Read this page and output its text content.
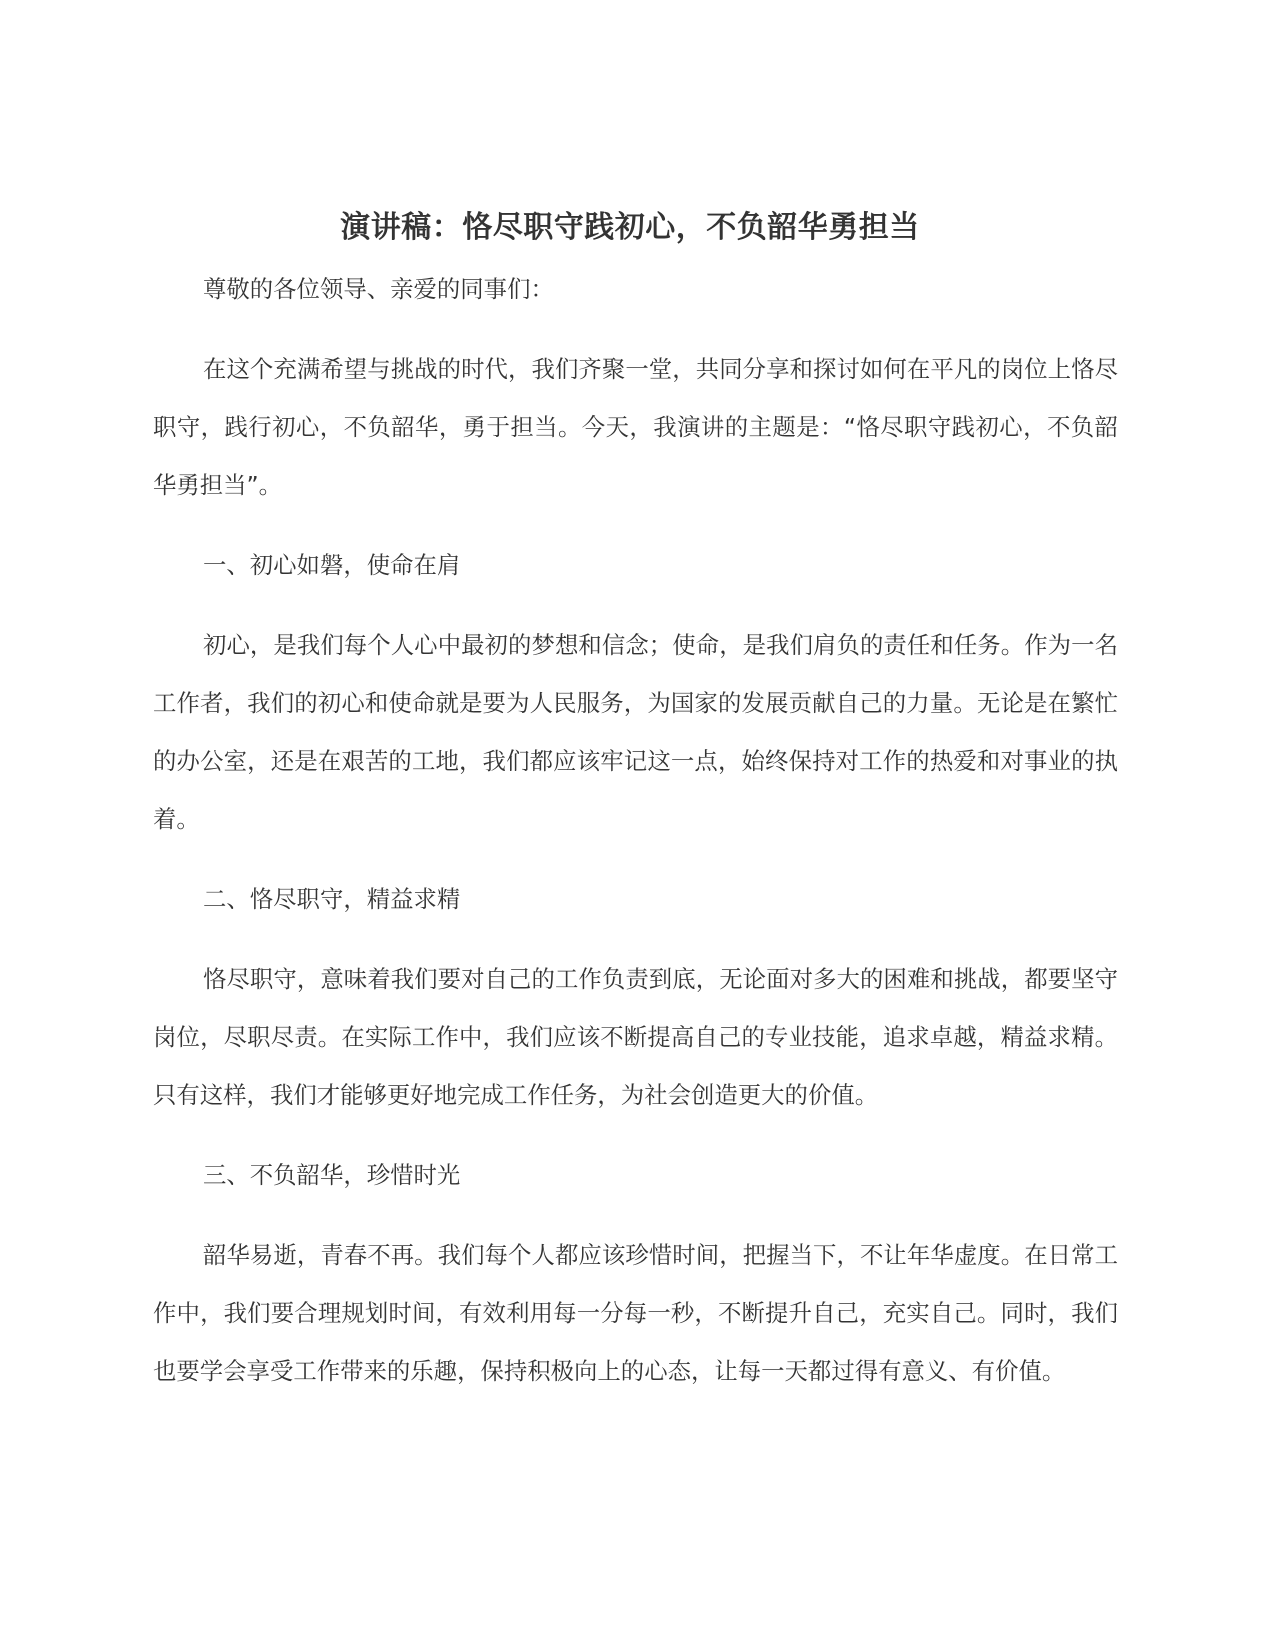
演讲稿：恪尽职守践初心，不负韶华勇担当

尊敬的各位领导、亲爱的同事们：

在这个充满希望与挑战的时代，我们齐聚一堂，共同分享和探讨如何在平凡的岗位上恪尽职守，践行初心，不负韶华，勇于担当。今天，我演讲的主题是：“恪尽职守践初心，不负韶华勇担当”。

一、初心如磐，使命在肩

初心，是我们每个人心中最初的梦想和信念；使命，是我们肩负的责任和任务。作为一名工作者，我们的初心和使命就是要为人民服务，为国家的发展贡献自己的力量。无论是在繁忙的办公室，还是在艰苦的工地，我们都应该牢记这一点，始终保持对工作的热爱和对事业的执着。

二、恪尽职守，精益求精

恪尽职守，意味着我们要对自己的工作负责到底，无论面对多大的困难和挑战，都要坚守岗位，尽职尽责。在实际工作中，我们应该不断提高自己的专业技能，追求卓越，精益求精。只有这样，我们才能够更好地完成工作任务，为社会创造更大的价值。

三、不负韶华，珍惜时光

韶华易逝，青春不再。我们每个人都应该珍惜时间，把握当下，不让年华虚度。在日常工作中，我们要合理规划时间，有效利用每一分每一秒，不断提升自己，充实自己。同时，我们也要学会享受工作带来的乐趣，保持积极向上的心态，让每一天都过得有意义、有价值。
